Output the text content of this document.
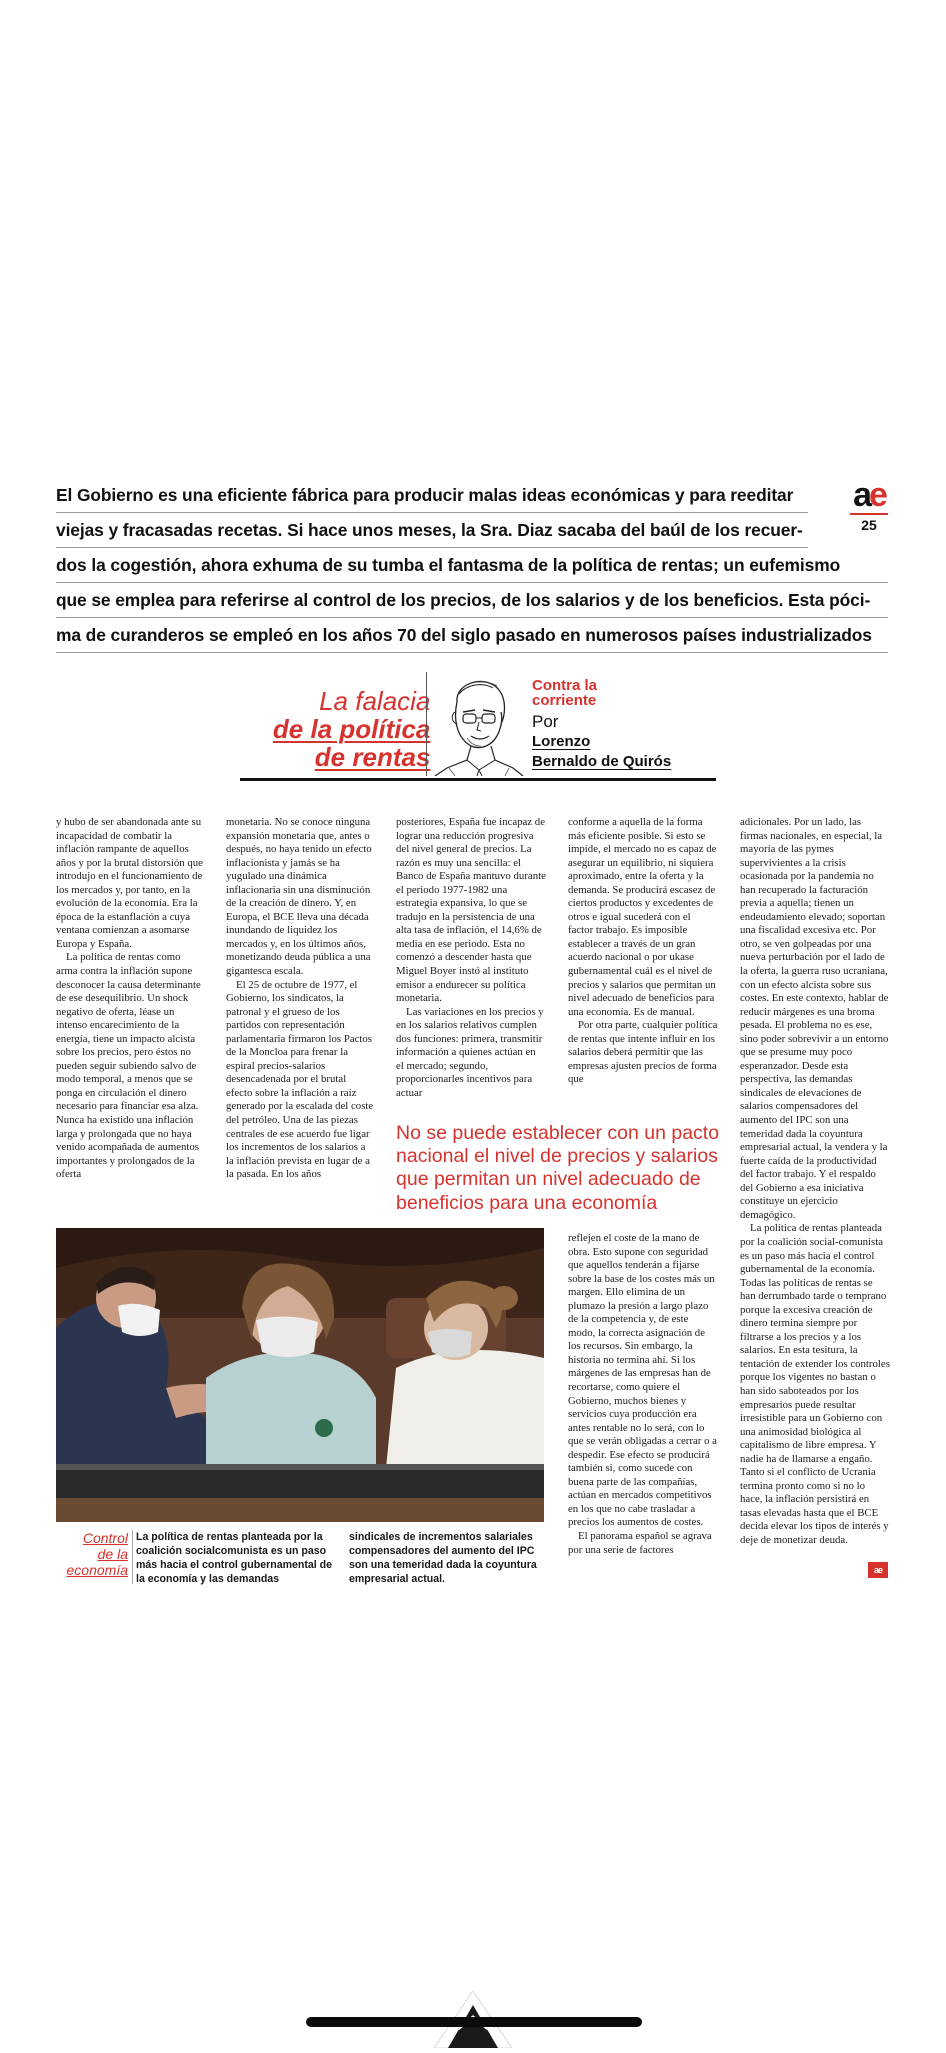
El Gobierno es una eficiente fábrica para producir malas ideas económicas y para reeditar
viejas y fracasadas recetas. Si hace unos meses, la Sra. Diaz sacaba del baúl de los recuer-
dos la cogestión, ahora exhuma de su tumba el fantasma de la política de rentas; un eufemismo
que se emplea para referirse al control de los precios, de los salarios y de los beneficios. Esta póci-
ma de curanderos se empleó en los años 70 del siglo pasado en numerosos países industrializados
ae
25
La falacia
de la política
de rentas
Contra la
corriente
Por
Lorenzo
Bernaldo de Quirós

y hubo de ser abandonada ante su incapacidad de combatir la inflación rampante de aquellos años y por la brutal distorsión que introdujo en el funcionamiento de los mercados y, por tanto, en la evolución de la economía. Era la época de la estanflación a cuya ventana comienzan a asomarse Europa y España.

La política de rentas como arma contra la inflación supone desconocer la causa determinante de ese desequilibrio. Un shock negativo de oferta, léase un intenso encarecimiento de la energía, tiene un impacto alcista sobre los precios, pero éstos no pueden seguir subiendo salvo de modo temporal, a menos que se ponga en circulación el dinero necesario para financiar esa alza. Nunca ha existido una inflación larga y prolongada que no haya venido acompañada de aumentos importantes y prolongados de la oferta

monetaria. No se conoce ninguna expansión monetaria que, antes o después, no haya tenido un efecto inflacionista y jamás se ha yugulado una dinámica inflacionaria sin una disminución de la creación de dinero. Y, en Europa, el BCE lleva una década inundando de liquidez los mercados y, en los últimos años, monetizando deuda pública a una gigantesca escala.

El 25 de octubre de 1977, el Gobierno, los sindicatos, la patronal y el grueso de los partidos con representación parlamentaria firmaron los Pactos de la Moncloa para frenar la espiral precios-salarios desencadenada por el brutal efecto sobre la inflación a raíz generado por la escalada del coste del petróleo. Una de las piezas centrales de ese acuerdo fue ligar los incrementos de los salarios a la inflación prevista en lugar de a la pasada. En los años

posteriores, España fue incapaz de lograr una reducción progresiva del nivel general de precios. La razón es muy una sencilla: el Banco de España mantuvo durante el periodo 1977-1982 una estrategia expansiva, lo que se tradujo en la persistencia de una alta tasa de inflación, el 14,6% de media en ese periodo. Esta no comenzó a descender hasta que Miguel Boyer instó al instituto emisor a endurecer su política monetaria.

Las variaciones en los precios y en los salarios relativos cumplen dos funciones: primera, transmitir información a quienes actúan en el mercado; segundo, proporcionarles incentivos para actuar

conforme a aquella de la forma más eficiente posible. Si esto se impide, el mercado no es capaz de asegurar un equilibrio, ni siquiera aproximado, entre la oferta y la demanda. Se producirá escasez de ciertos productos y excedentes de otros e igual sucederá con el factor trabajo. Es imposible establecer a través de un gran acuerdo nacional o por ukase gubernamental cuál es el nivel de precios y salarios que permitan un nivel adecuado de beneficios para una economía. Es de manual.

Por otra parte, cualquier política de rentas que intente influir en los salarios deberá permitir que las empresas ajusten precios de forma que

reflejen el coste de la mano de obra. Esto supone con seguridad que aquellos tenderán a fijarse sobre la base de los costes más un margen. Ello elimina de un plumazo la presión a largo plazo de la competencia y, de este modo, la correcta asignación de los recursos. Sin embargo, la historia no termina ahí. Si los márgenes de las empresas han de recortarse, como quiere el Gobierno, muchos bienes y servicios cuya producción era antes rentable no lo será, con lo que se verán obligadas a cerrar o a despedir. Ese efecto se producirá también si, como sucede con buena parte de las compañías, actúan en mercados competitivos en los que no cabe trasladar a precios los aumentos de costes.

El panorama español se agrava por una serie de factores

adicionales. Por un lado, las firmas nacionales, en especial, la mayoría de las pymes supervivientes a la crisis ocasionada por la pandemia no han recuperado la facturación previa a aquella; tienen un endeudamiento elevado; soportan una fiscalidad excesiva etc. Por otro, se ven golpeadas por una nueva perturbación por el lado de la oferta, la guerra ruso ucraniana, con un efecto alcista sobre sus costes. En este contexto, hablar de reducir márgenes es una broma pesada. El problema no es ese, sino poder sobrevivir a un entorno que se presume muy poco esperanzador. Desde esta perspectiva, las demandas sindicales de elevaciones de salarios compensadores del aumento del IPC son una temeridad dada la coyuntura empresarial actual, la vendera y la fuerte caída de la productividad del factor trabajo. Y el respaldo del Gobierno a esa iniciativa constituye un ejercicio demagógico.

La política de rentas planteada por la coalición social-comunista es un paso más hacia el control gubernamental de la economía. Todas las políticas de rentas se han derrumbado tarde o temprano porque la excesiva creación de dinero termina siempre por filtrarse a los precios y a los salarios. En esta tesitura, la tentación de extender los controles porque los vigentes no bastan o han sido saboteados por los empresarios puede resultar irresistible para un Gobierno con una animosidad biológica al capitalismo de libre empresa. Y nadie ha de llamarse a engaño. Tanto si el conflicto de Ucrania termina pronto como si no lo hace, la inflación persistirá en tasas elevadas hasta que el BCE decida elevar los tipos de interés y deje de monetizar deuda.

No se puede establecer con un pacto nacional el nivel de precios y salarios que permitan un nivel adecuado de beneficios para una economía
Control
de la
economía
La política de rentas planteada por la coalición socialcomunista es un paso más hacia el control gubernamental de la economía y las demandas
sindicales de incrementos salariales compensadores del aumento del IPC son una temeridad dada la coyuntura empresarial actual.
ae
